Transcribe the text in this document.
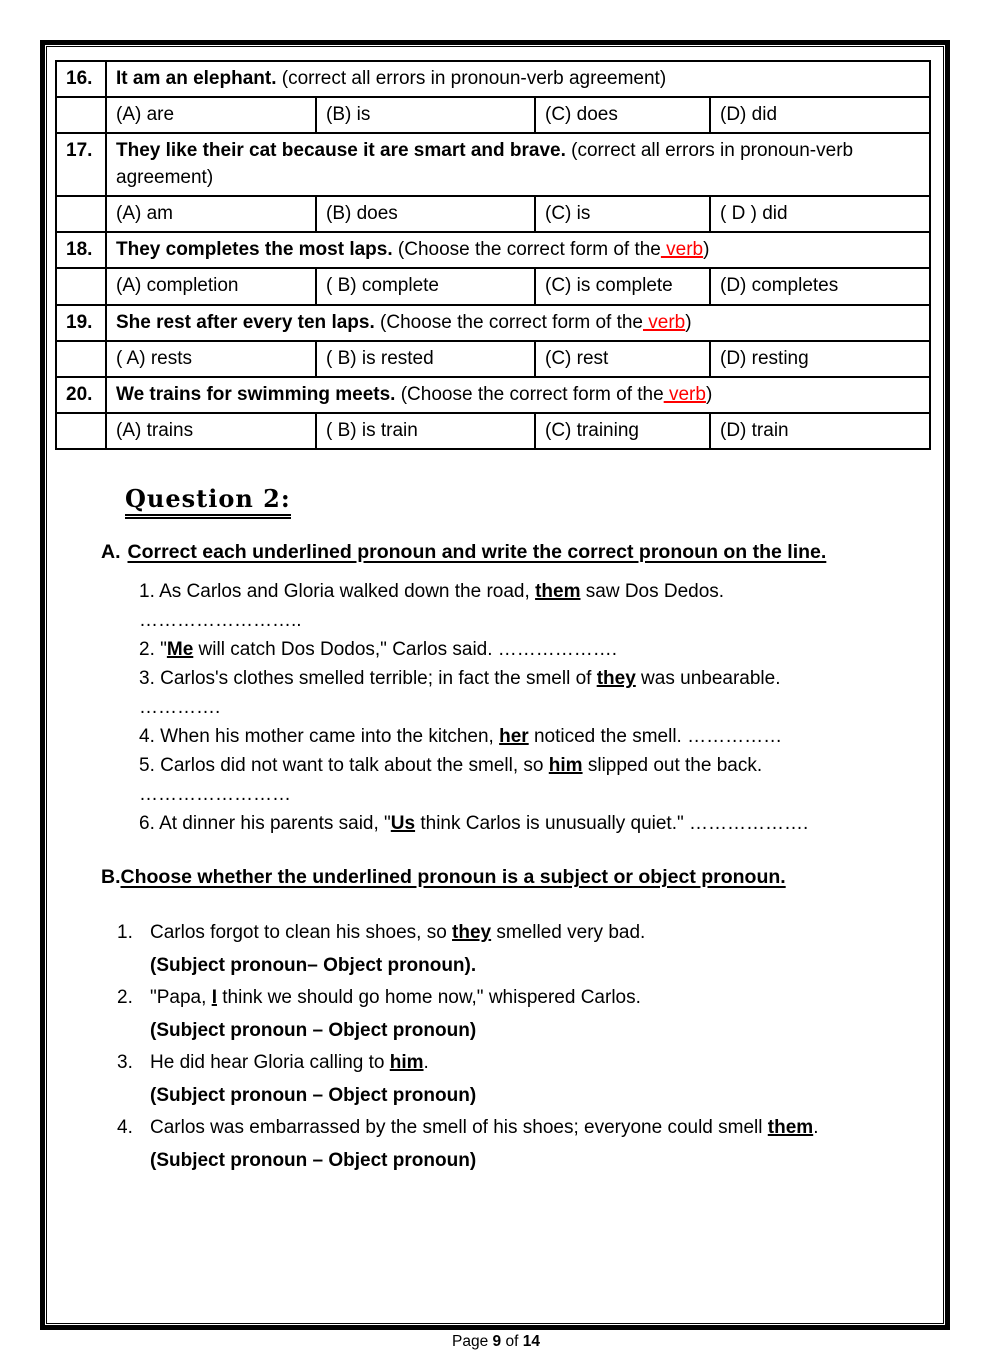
16.	It am an elephant. (correct all errors in pronoun-verb agreement)			
	(A) are	(B) is	(C) does	(D) did
17.	They like their cat because it are smart and brave. (correct all errors in pronoun-verb agreement)			
	(A) am	(B) does	(C) is	( D ) did
18.	They completes the most laps. (Choose the correct form of the verb)			
	(A) completion	( B) complete	(C) is complete	(D) completes
19.	She rest after every ten laps. (Choose the correct form of the verb)			
	( A) rests	( B) is rested	(C) rest	(D) resting
20.	We trains for swimming meets. (Choose the correct form of the verb)			
	(A) trains	( B) is train	(C) training	(D) train
Question 2:
A. Correct each underlined pronoun and write the correct pronoun on the line.
1. As Carlos and Gloria walked down the road, them saw Dos Dedos.
……………………..
2. "Me will catch Dos Dodos," Carlos said. ……………….
3. Carlos's clothes smelled terrible; in fact the smell of they was unbearable.
………….
4. When his mother came into the kitchen, her noticed the smell. ……………
5. Carlos did not want to talk about the smell, so him slipped out the back.
……………………
6. At dinner his parents said, "Us think Carlos is unusually quiet." ……………….
B.Choose whether the underlined pronoun is a subject or object pronoun.
1. Carlos forgot to clean his shoes, so they smelled very bad.
(Subject pronoun– Object pronoun).
2. "Papa, I think we should go home now," whispered Carlos.
(Subject pronoun – Object pronoun)
3. He did hear Gloria calling to him.
(Subject pronoun – Object pronoun)
4. Carlos was embarrassed by the smell of his shoes; everyone could smell them.
(Subject pronoun – Object pronoun)
Page 9 of 14
